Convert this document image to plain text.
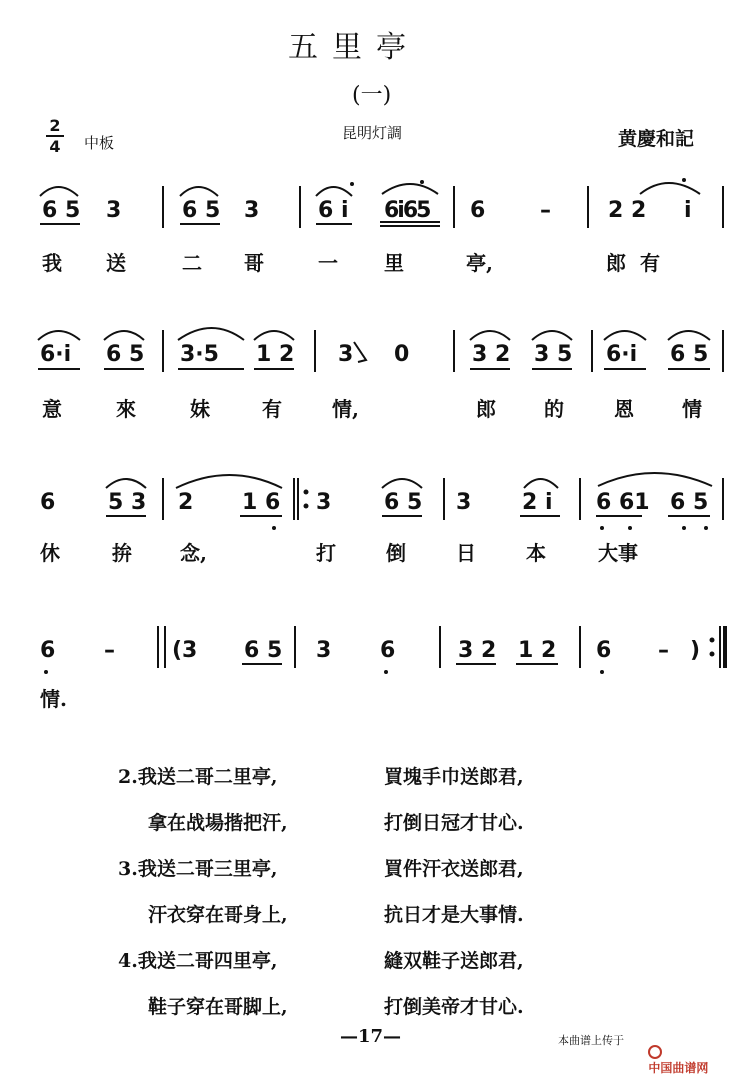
五里亭
(一)
昆明灯調	黄慶和記
2
4 中板
6 5 3	6 5 3	6 i 6i65 6 –	2 2 i
我 送	二 哥	一 里	亭,	郎 有
6·i 6 5 3·5 1 2 3 0	3 2 3 5 6·i 6 5
意	來	妹	有	情,	郎 的	恩 情
6 5 3 2 1 6 3 6 5 3 2 i 6 61 6 5
休	拚 念,	打	倒	日	本	大事
6 –	(3 6 5 3 6	3 2 1 2 6 – )
情.
2.我送二哥二里亭,	買塊手巾送郎君,
拿在战場揩把汗,	打倒日冠才甘心.
3.我送二哥三里亭,	買件汗衣送郎君,
汗衣穿在哥身上,	抗日才是大事情.
4.我送二哥四里亭,	縫双鞋子送郎君,
鞋子穿在哥脚上,	打倒美帝才甘心.
—17—	本曲谱上传于

中国曲谱网
